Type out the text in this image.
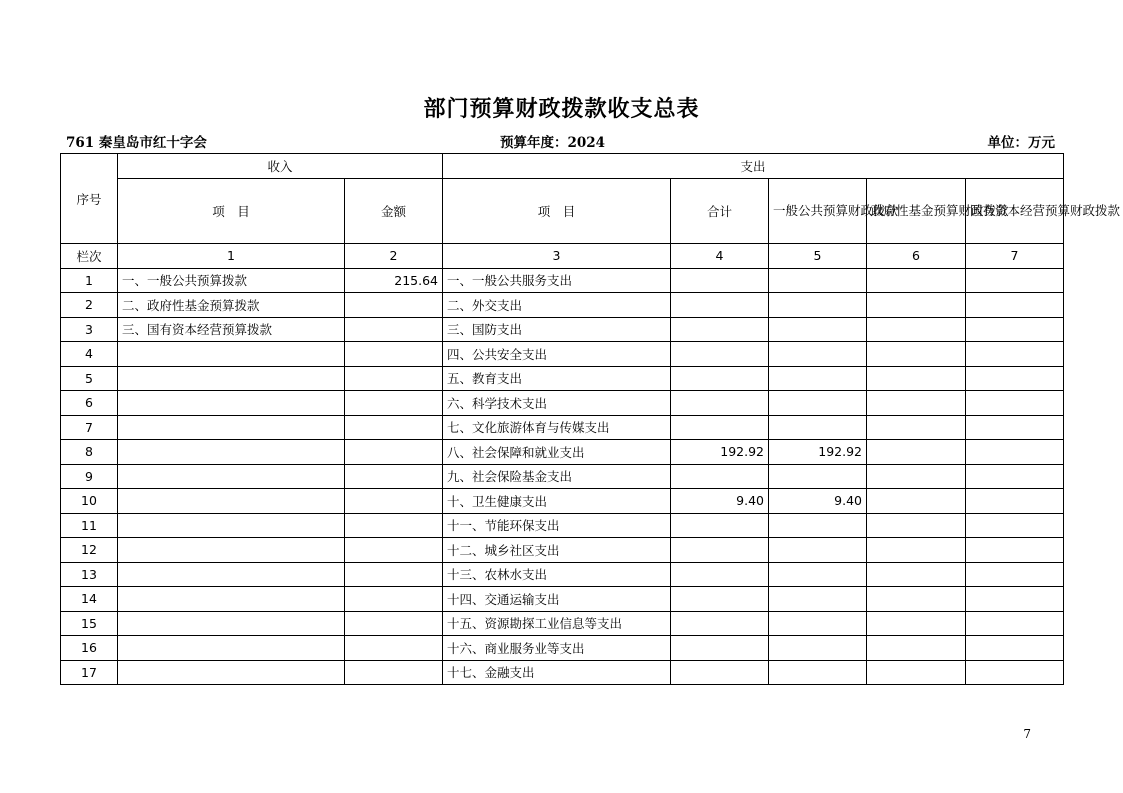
部门预算财政拨款收支总表
761 秦皇岛市红十字会	预算年度：2024	单位：万元
序号	收入		支出				
	项　目	金额	项　目	合计	一般公共预算财政拨款	政府性基金预算财政拨款	国有资本经营预算财政拨款
栏次	1	2	3	4	5	6	7
1	一、一般公共预算拨款	215.64	一、一般公共服务支出				
2	二、政府性基金预算拨款		二、外交支出				
3	三、国有资本经营预算拨款		三、国防支出				
4			四、公共安全支出				
5			五、教育支出				
6			六、科学技术支出				
7			七、文化旅游体育与传媒支出				
8			八、社会保障和就业支出	192.92	192.92		
9			九、社会保险基金支出				
10			十、卫生健康支出	9.40	9.40		
11			十一、节能环保支出				
12			十二、城乡社区支出				
13			十三、农林水支出				
14			十四、交通运输支出				
15			十五、资源勘探工业信息等支出				
16			十六、商业服务业等支出				
17			十七、金融支出				
7
